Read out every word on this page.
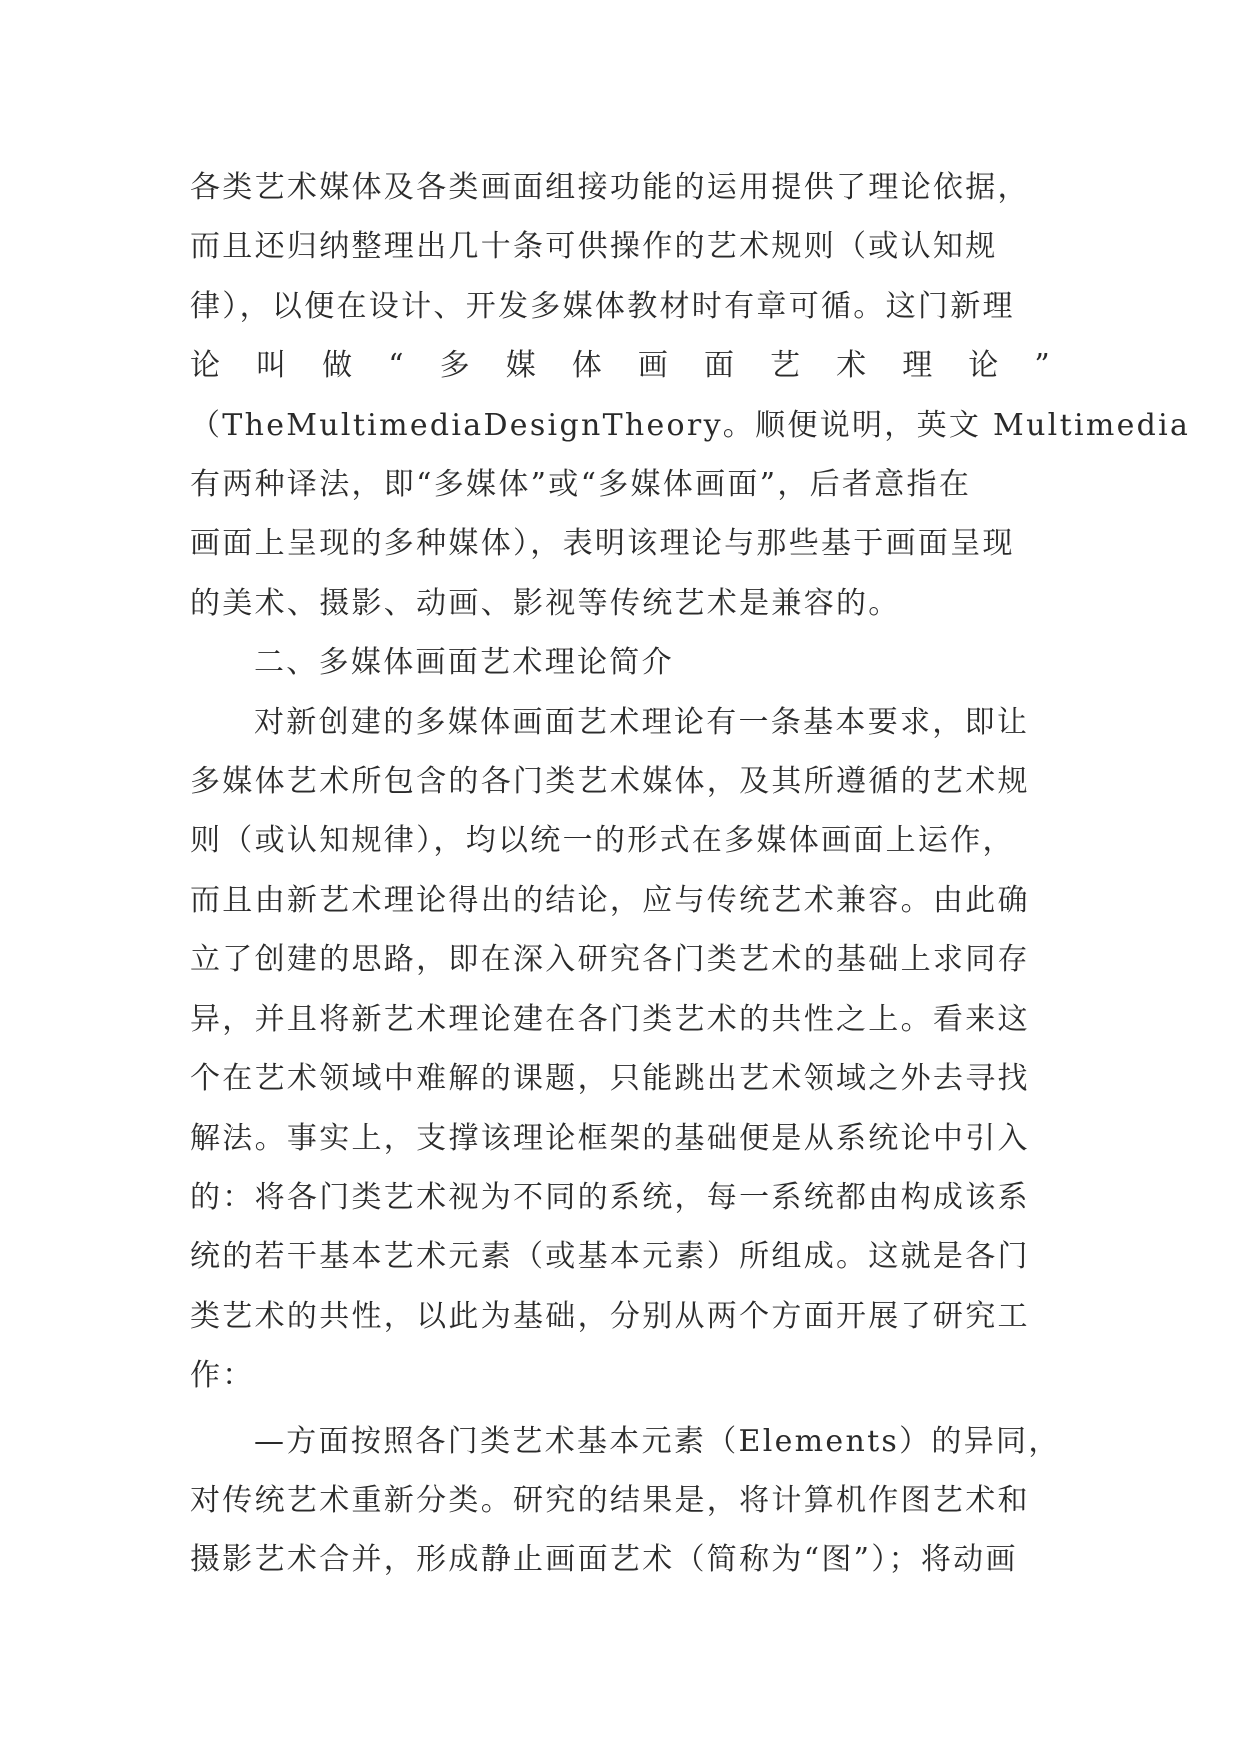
各类艺术媒体及各类画面组接功能的运用提供了理论依据，
而且还归纳整理出几十条可供操作的艺术规则（或认知规
律），以便在设计、开发多媒体教材时有章可循。这门新理
论 叫 做 “ 多 媒 体 画 面 艺 术 理 论 ”
（TheMultimediaDesignTheory。顺便说明，英文 Multimedia
有两种译法，即“多媒体”或“多媒体画面”，后者意指在
画面上呈现的多种媒体），表明该理论与那些基于画面呈现
的美术、摄影、动画、影视等传统艺术是兼容的。
二、多媒体画面艺术理论简介
对新创建的多媒体画面艺术理论有一条基本要求，即让
多媒体艺术所包含的各门类艺术媒体，及其所遵循的艺术规
则（或认知规律），均以统一的形式在多媒体画面上运作，
而且由新艺术理论得出的结论，应与传统艺术兼容。由此确
立了创建的思路，即在深入研究各门类艺术的基础上求同存
异，并且将新艺术理论建在各门类艺术的共性之上。看来这
个在艺术领域中难解的课题，只能跳出艺术领域之外去寻找
解法。事实上，支撑该理论框架的基础便是从系统论中引入
的：将各门类艺术视为不同的系统，每一系统都由构成该系
统的若干基本艺术元素（或基本元素）所组成。这就是各门
类艺术的共性，以此为基础，分别从两个方面开展了研究工
作：
—方面按照各门类艺术基本元素（Elements）的异同，
对传统艺术重新分类。研究的结果是，将计算机作图艺术和
摄影艺术合并，形成静止画面艺术（简称为“图”）；将动画
